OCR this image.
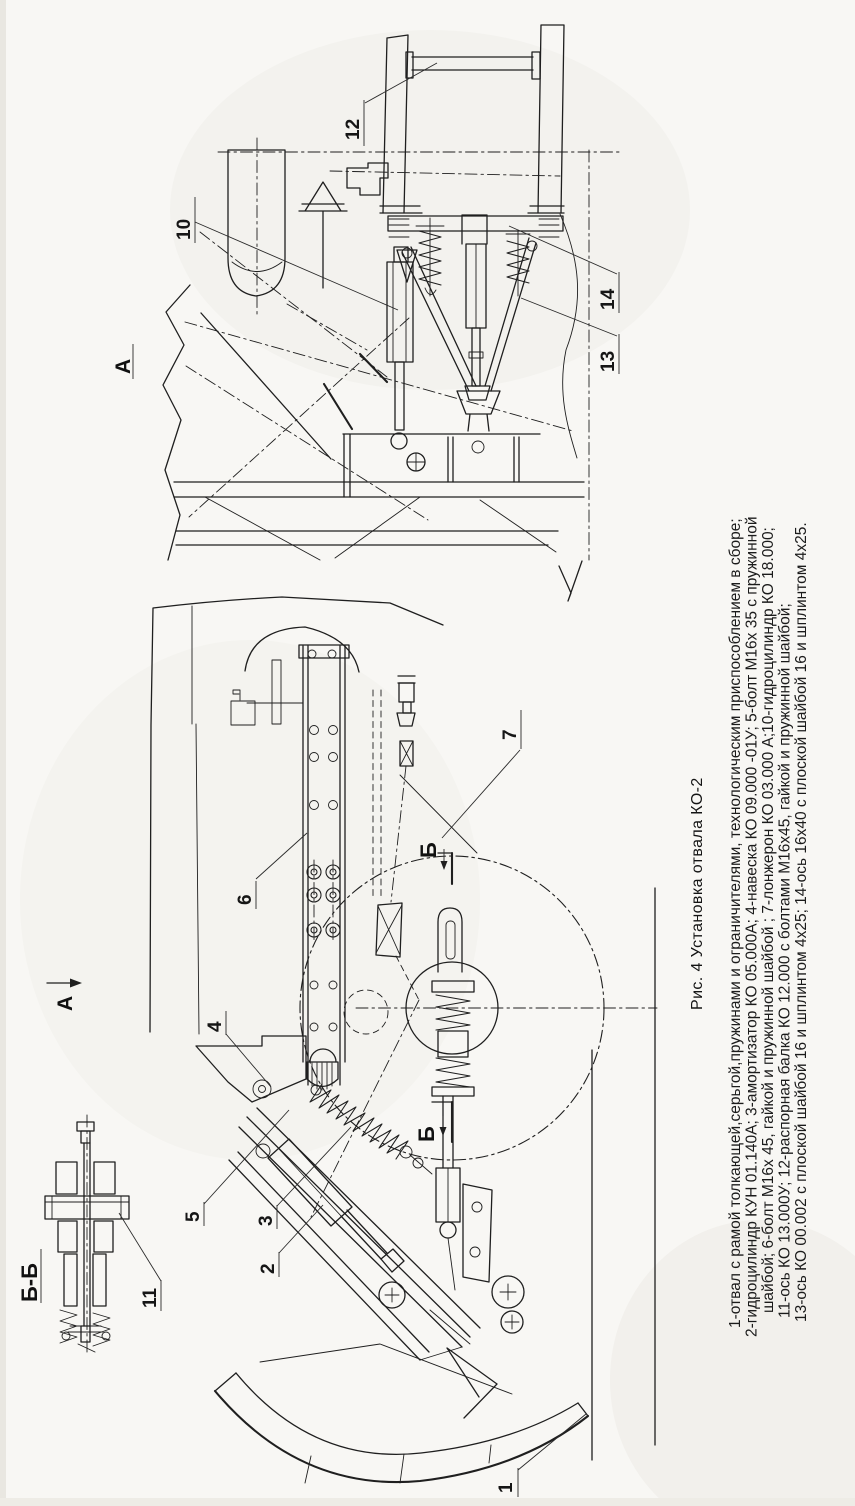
12
10
А
14
13
Б
Б
7
6
4
А
5	3
2
1
Б-Б	11
Рис. 4 Установка отвала КО-2 1-отвал с рамой толкающей,серьгой,пружинами и ограничителями, технологическим приспособлением в сборе; 2-гидроцилиндр КУН 01.140А; 3-амортизатор КО 05.000А; 4-навеска КО 09.000 -01У; 5-болт М16х 35 с пружинной шайбой; 6-болт М16х 45, гайкой и пружинной шайбой ; 7-лонжерон КО 03.000 А;10-гидроцилиндр КО 18.000; 11-ось КО 13.000У; 12-распорная балка КО 12.000 с болтами М16х45, гайкой и пружинной шайбой; 13-ось КО 00.002 с плоской шайбой 16 и шплинтом 4х25; 14-ось 16х40 с плоской шайбой 16 и шплинтом 4х25.
